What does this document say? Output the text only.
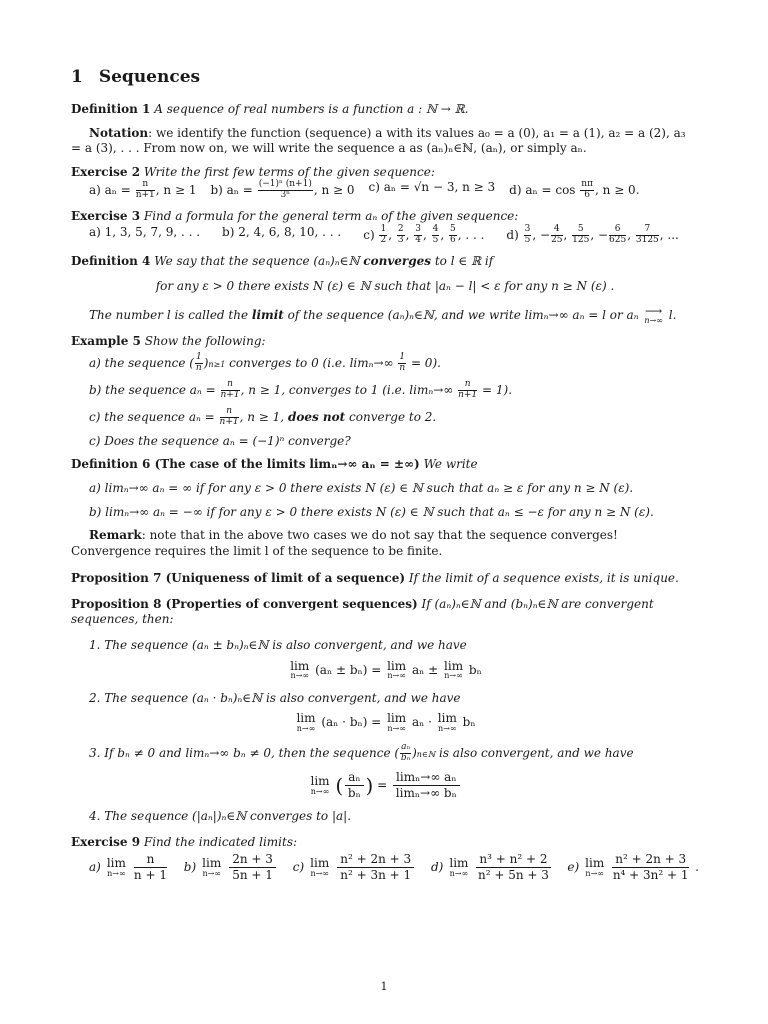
1 Sequences
Definition 1 A sequence of real numbers is a function a : ℕ → ℝ.
Notation: we identify the function (sequence) a with its values a₀ = a (0), a₁ = a (1), a₂ = a (2), a₃ = a (3), . . . From now on, we will write the sequence a as (aₙ)ₙ∈ℕ, (aₙ), or simply aₙ.
Exercise 2 Write the first few terms of the given sequence:
a) $a_n = \frac{n}{n+1}$ , n ≥ 1 b) $a_n = \frac{\text{(−1)ⁿ (n+1)}}{\text{3ⁿ}}$ , n ≥ 0 c) aₙ = √n − 3, n ≥ 3 d) $a_n = \cos \frac{n\pi}{6}$ , n ≥ 0.
Exercise 3 Find a formula for the general term aₙ of the given sequence:
a) 1, 3, 5, 7, 9, . . . b) 2, 4, 6, 8, 10, . . . $c) \frac{1}{2}$ , $\frac{2}{3}$ , $\frac{3}{4}$ , $\frac{4}{5}$ , $\frac{5}{6}$ , . . . $d) \frac{3}{5}$ , − $\frac{4}{25}$ , $\frac{5}{125}$ , − $\frac{6}{625}$ , $\frac{7}{3125}$ , ...
Definition 4 We say that the sequence (aₙ)ₙ∈ℕ converges to l ∈ ℝ if
for any ε > 0 there exists N (ε) ∈ ℕ such that |aₙ − l| < ε for any n ≥ N (ε) .
The number l is called the limit of the sequence (aₙ)ₙ∈ℕ, and we write limₙ→∞ aₙ = l or aₙ ⟶
n→∞ l.
Example 5 Show the following:
a) the sequence ( $\frac{1}{n} )n\ge 1$ converges to 0 (i.e. $\lim_n\to\infty \frac{1}{n} = 0$).
b) the sequence $a_n = \frac{n}{n+1}$ , n ≥ 1, converges to 1 (i.e. $\lim_n\to\infty \frac{n}{n+1} = 1$).
c) the sequence $a_n = \frac{n}{n+1}$ , n ≥ 1, does not converge to 2.
c) Does the sequence aₙ = (−1)ⁿ converge?
Definition 6 (The case of the limits limₙ→∞ aₙ = ±∞) We write
a) limₙ→∞ aₙ = ∞ if for any ε > 0 there exists N (ε) ∈ ℕ such that aₙ ≥ ε for any n ≥ N (ε).
b) limₙ→∞ aₙ = −∞ if for any ε > 0 there exists N (ε) ∈ ℕ such that aₙ ≤ −ε for any n ≥ N (ε).
Remark: note that in the above two cases we do not say that the sequence converges! Convergence requires the limit l of the sequence to be finite.
Proposition 7 (Uniqueness of limit of a sequence) If the limit of a sequence exists, it is unique.
Proposition 8 (Properties of convergent sequences) If (aₙ)ₙ∈ℕ and (bₙ)ₙ∈ℕ are convergent sequences, then:
1. The sequence (aₙ ± bₙ)ₙ∈ℕ is also convergent, and we have
lim
n→∞ (aₙ ± bₙ) = lim
n→∞ aₙ ± lim
n→∞ bₙ
2. The sequence (aₙ · bₙ)ₙ∈ℕ is also convergent, and we have
lim
n→∞ (aₙ · bₙ) = lim
n→∞ aₙ · lim
n→∞ bₙ
3. If bₙ ≠ 0 and limₙ→∞ bₙ ≠ 0, then the sequence ( $\frac{\text{aₙ}}{\text{bₙ}}$ )n∈ℕ is also convergent, and we have
lim
n→∞ ( $\frac{\text{aₙ}}{\text{bₙ}}$ ) = $\frac{\text{limₙ→∞ aₙ}}{\text{limₙ→∞ bₙ}}$
4. The sequence (|aₙ|)ₙ∈ℕ converges to |a|.
Exercise 9 Find the indicated limits:
a) lim
$n\to\infty \frac{n}{n + 1} b$) lim
$n\to\infty \frac{2n + 3}{5n + 1} c$) lim
$n\to\infty \frac{\text{n² + 2n + 3}}{\text{n² + 3n + 1}} d$) lim
$n\to\infty \frac{\text{n³ + n² + 2}}{\text{n² + 5n + 3}} e$) lim
$n\to\infty \frac{\text{n² + 2n + 3}}{\text{n⁴ + 3n² + 1}}$ .
1
